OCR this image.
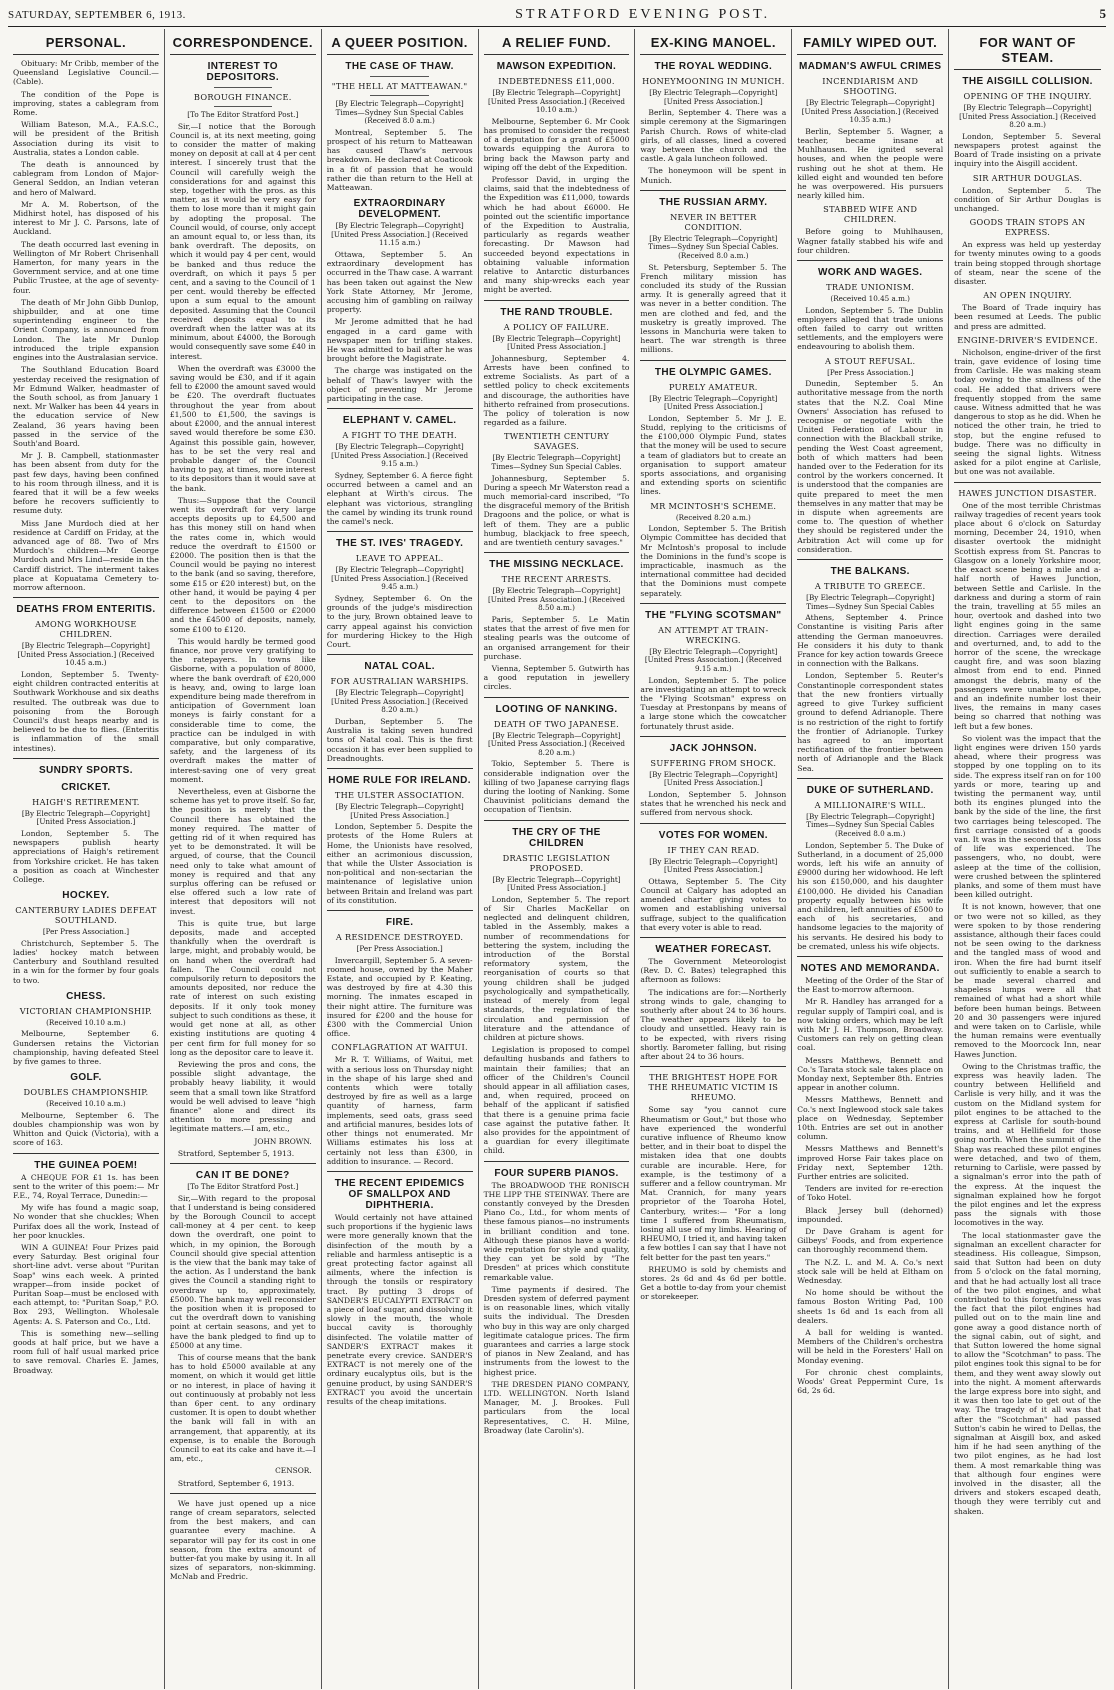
SATURDAY, SEPTEMBER 6, 1913.	STRATFORD EVENING POST.	5
PERSONAL.

Obituary: Mr Cribb, member of the Queensland Legislative Council.—(Cable).

The condition of the Pope is improving, states a cablegram from Rome.

William Bateson, M.A., F.A.S.C., will be president of the British Association during its visit to Australia, states a London cable.

The death is announced by cablegram from London of Major-General Seddon, an Indian veteran and hero of Malward.

Mr A. M. Robertson, of the Midhirst hotel, has disposed of his interest to Mr J. C. Parsons, late of Auckland.

The death occurred last evening in Wellington of Mr Robert Chrisenhall Hamerton, for many years in the Government service, and at one time Public Trustee, at the age of seventy-four.

The death of Mr John Gibb Dunlop, shipbuilder, and at one time superintending engineer to the Orient Company, is announced from London. The late Mr Dunlop introduced the triple expansion engines into the Australasian service.

The Southland Education Board yesterday received the resignation of Mr Edmund Walker, headmaster of the South school, as from January 1 next. Mr Walker has been 44 years in the education service of New Zealand, 36 years having been passed in the service of the South'and Board.

Mr J. B. Campbell, stationmaster has been absent from duty for the past few days, having been confined to his room through illness, and it is feared that it will be a few weeks before he recovers sufficiently to resume duty.

Miss Jane Murdoch died at her residence at Cardiff on Friday, at the advanced age of 88. Two of Mrs Murdoch's children—Mr George Murdoch and Mrs Lind—reside in the Cardiff district. The interment takes place at Kopuatama Cemetery to-morrow afternoon.

DEATHS FROM ENTERITIS.
AMONG WORKHOUSE CHILDREN.

[By Electric Telegraph—Copyright] [United Press Association.] (Received 10.45 a.m.)

London, September 5. Twenty-eight children contracted enteritis at Southwark Workhouse and six deaths resulted. The outbreak was due to poisoning from the Borough Council's dust heaps nearby and is believed to be due to flies. (Enteritis is inflammation of the small intestines).

SUNDRY SPORTS.
CRICKET.
HAIGH'S RETIREMENT.

[By Electric Telegraph—Copyright] [United Press Association.]

London, September 5. The newspapers publish hearty appreciations of Haigh's retirement from Yorkshire cricket. He has taken a position as coach at Winchester College.

HOCKEY.
CANTERBURY LADIES DEFEAT SOUTHLAND.

[Per Press Association.]

Christchurch, September 5. The ladies' hockey match between Canterbury and Southland resulted in a win for the former by four goals to two.

CHESS.
VICTORIAN CHAMPIONSHIP.

(Received 10.10 a.m.)

Melbourne, September 6. Gundersen retains the Victorian championship, having defeated Steel by five games to three.

GOLF.
DOUBLES CHAMPIONSHIP.

(Received 10.10 a.m.)

Melbourne, September 6. The doubles championship was won by Whitton and Quick (Victoria), with a score of 163.

THE GUINEA POEM!

A CHEQUE FOR £1 1s. has been sent to the writer of this poem:— Mr F.E., 74, Royal Terrace, Dunedin:—

My wife has found a magic soap, No wonder that she chuckles; When Purifax does all the work, Instead of her poor knuckles.

WIN A GUINEA! Four Prizes paid every Saturday. Best original four short-line advt. verse about "Puritan Soap" wins each week. A printed wrapper—from inside pocket of Puritan Soap—must be enclosed with each attempt, to: "Puritan Soap," P.O. Box 293, Wellington. Wholesale Agents: A. S. Paterson and Co., Ltd.

This is something new—selling goods at half price, but we have a room full of half usual marked price to save removal. Charles E. James, Broadway.

CORRESPONDENCE.
INTEREST TO DEPOSITORS.
BOROUGH FINANCE.

[To The Editor Stratford Post.]

Sir,—I notice that the Borough Council is, at its next meeting, going to consider the matter of making money on deposit at call at 4 per cent interest. I sincerely trust that the Council will carefully weigh the considerations for and against this step, together with the pros. as this matter, as it would be very easy for them to lose more than it might gain by adopting the proposal. The Council would, of course, only accept an amount equal to, or less than, its bank overdraft. The deposits, on which it would pay 4 per cent, would be banked and thus reduce the overdraft, on which it pays 5 per cent, and a saving to the Council of 1 per cent. would thereby be effected upon a sum equal to the amount deposited. Assuming that the Council received deposits equal to its overdraft when the latter was at its minimum, about £4000, the Borough would consequently save some £40 in interest.

When the overdraft was £3000 the saving would be £30, and if it again fell to £2000 the amount saved would be £20. The overdraft fluctuates throughout the year from about £1,500 to £1,500, the savings is about £2000, and the annual interest saved would therefore be some £30. Against this possible gain, however, has to be set the very real and probable danger of the Council having to pay, at times, more interest to its depositors than it would save at the bank.

Thus:—Suppose that the Council went its overdraft for very large accepts deposits up to £4,500 and has this money still on hand when the rates come in, which would reduce the overdraft to £1500 or £2000. The position then is that the Council would be paying no interest to the bank (and so saving, therefore, some £15 or £20 interest) but, on the other hand, it would be paying 4 per cent to the depositors on the difference between £1500 or £2000 and the £4500 of deposits, namely, some £100 to £120.

This would hardly be termed good finance, nor prove very gratifying to the ratepayers. In towns like Gisborne, with a population of 8000, where the bank overdraft of £20,000 is heavy, and, owing to large loan expenditure being made therefrom in anticipation of Government loan moneys is fairly constant for a considerable time to come, the practice can be indulged in with comparative, but only comparative, safety, and the largeness of its overdraft makes the matter of interest-saving one of very great moment.

Nevertheless, even at Gisborne the scheme has yet to prove itself. So far, the position is merely that the Council there has obtained the money required. The matter of getting rid of it when required has yet to be demonstrated. It will be argued, of course, that the Council need only to take what amount of money is required and that any surplus offering can be refused or else offered such a low rate of interest that depositors will not invest.

This is quite true, but large deposits, made and accepted thankfully when the overdraft is large, might, and probably would, be on hand when the overdraft had fallen. The Council could not compulsorily return to depositors the amounts deposited, nor reduce the rate of interest on such existing deposits. If it only took money subject to such conditions as these, it would get none at all, as other existing institutions are quoting 4 per cent firm for full money for so long as the depositor care to leave it.

Reviewing the pros and cons, the possible slight advantage, the probably heavy liability, it would seem that a small town like Stratford would be well advised to leave "high finance" alone and direct its attention to more pressing and legitimate matters.—I am, etc.,

JOHN BROWN.

Stratford, September 5, 1913.

CAN IT BE DONE?

[To The Editor Stratford Post.]

Sir,—With regard to the proposal that I understand is being considered by the Borough Council to accept call-money at 4 per cent. to keep down the overdraft, one point to which, in my opinion, the Borough Council should give special attention is the view that the bank may take of the action. As I understand the bank gives the Council a standing right to overdraw up to, approximately, £5000. The bank may well reconsider the position when it is proposed to cut the overdraft down to vanishing point at certain seasons, and yet to have the bank pledged to find up to £5000 at any time.

This of course means that the bank has to hold £5000 available at any moment, on which it would get little or no interest, in place of having it out continuously at probably not less than 6per cent. to any ordinary customer. It is open to doubt whether the bank will fall in with an arrangement, that apparently, at its expense, is to enable the Borough Council to eat its cake and have it.—I am, etc.,

CENSOR.

Stratford, September 6, 1913.

We have just opened up a nice range of cream separators, selected from the best makers, and can guarantee every machine. A separator will pay for its cost in one season, from the extra amount of butter-fat you make by using it. In all sizes of separators, non-skimming. McNab and Fredric.

A QUEER POSITION.
THE CASE OF THAW.
"THE HELL AT MATTEAWAN."

[By Electric Telegraph—Copyright] Times—Sydney Sun Special Cables (Received 8.0 a.m.)

Montreal, September 5. The prospect of his return to Matteawan has caused Thaw's nervous breakdown. He declared at Coaticook in a fit of passion that he would rather die than return to the Hell at Matteawan.

EXTRAORDINARY DEVELOPMENT.

[By Electric Telegraph—Copyright] [United Press Association.] (Received 11.15 a.m.)

Ottawa, September 5. An extraordinary development has occurred in the Thaw case. A warrant has been taken out against the New York State Attorney, Mr Jerome, accusing him of gambling on railway property.

Mr Jerome admitted that he had engaged in a card game with newspaper men for trifling stakes. He was admitted to bail after he was brought before the Magistrate.

The charge was instigated on the behalf of Thaw's lawyer with the object of preventing Mr Jerome participating in the case.

ELEPHANT V. CAMEL.
A FIGHT TO THE DEATH.

[By Electric Telegraph—Copyright] [United Press Association.] (Received 9.15 a.m.)

Sydney, September 6. A fierce fight occurred between a camel and an elephant at Wirth's circus. The elephant was victorious, strangling the camel by winding its trunk round the camel's neck.

THE ST. IVES' TRAGEDY.
LEAVE TO APPEAL.

[By Electric Telegraph—Copyright] [United Press Association.] (Received 9.45 a.m.)

Sydney, September 6. On the grounds of the judge's misdirection to the jury, Brown obtained leave to carry appeal against his conviction for murdering Hickey to the High Court.

NATAL COAL.
FOR AUSTRALIAN WARSHIPS.

[By Electric Telegraph—Copyright] [United Press Association.] (Received 8.20 a.m.)

Durban, September 5. The Australia is taking seven hundred tons of Natal coal. This is the first occasion it has ever been supplied to Dreadnoughts.

HOME RULE FOR IRELAND.
THE ULSTER ASSOCIATION.

[By Electric Telegraph—Copyright] [United Press Association.]

London, September 5. Despite the protests of the Home Rulers at Home, the Unionists have resolved, either an acrimonious discussion, that while the Ulster Association is non-political and non-sectarian the maintenance of legislative union between Britain and Ireland was part of its constitution.

FIRE.
A RESIDENCE DESTROYED.

[Per Press Association.]

Invercargill, September 5. A seven-roomed house, owned by the Maher Estate, and occupied by P. Keating, was destroyed by fire at 4.30 this morning. The inmates escaped in their night attire. The furniture was insured for £200 and the house for £300 with the Commercial Union office.

CONFLAGRATION AT WAITUI.

Mr R. T. Williams, of Waitui, met with a serious loss on Thursday night in the shape of his large shed and contents which were totally destroyed by fire as well as a large quantity of harness, farm implements, seed oats, grass seed and artificial manures, besides lots of other things not enumerated. Mr Williams estimates his loss at certainly not less than £300, in addition to insurance. — Record.

THE RECENT EPIDEMICS OF SMALLPOX AND DIPHTHERIA.

Would certainly not have attained such proportions if the hygienic laws were more generally known that the disinfection of the mouth by a reliable and harmless antiseptic is a great protecting factor against all ailments, where the infection is through the tonsils or respiratory tract. By putting 3 drops of SANDER'S EUCALYPTI EXTRACT on a piece of loaf sugar, and dissolving it slowly in the mouth, the whole buccal cavity is thoroughly disinfected. The volatile matter of SANDER'S EXTRACT makes it penetrate every crevice. SANDER'S EXTRACT is not merely one of the ordinary eucalyptus oils, but is the genuine product, by using SANDER'S EXTRACT you avoid the uncertain results of the cheap imitations.

A RELIEF FUND.
MAWSON EXPEDITION.
INDEBTEDNESS £11,000.

[By Electric Telegraph—Copyright] [United Press Association.] (Received 10.10 a.m.)

Melbourne, September 6. Mr Cook has promised to consider the request of a deputation for a grant of £5000 towards equipping the Aurora to bring back the Mawson party and wiping off the debt of the Expedition.

Professor David, in urging the claims, said that the indebtedness of the Expedition was £11,000, towards which he had about £6000. He pointed out the scientific importance of the Expedition to Australia, particularly as regards weather forecasting. Dr Mawson had succeeded beyond expectations in obtaining valuable information relative to Antarctic disturbances and many ship-wrecks each year might be averted.

THE RAND TROUBLE.
A POLICY OF FAILURE.

[By Electric Telegraph—Copyright] [United Press Association.]

Johannesburg, September 4. Arrests have been confined to extreme Socialists. As part of a settled policy to check excitements and discourage, the authorities have hitherto refrained from prosecutions. The policy of toleration is now regarded as a failure.

TWENTIETH CENTURY SAVAGES.

[By Electric Telegraph—Copyright] Times—Sydney Sun Special Cables.

Johannesburg, September 5. During a speech Mr Waterston read a much memorial-card inscribed, "To the disgraceful memory of the British Dragoons and the police, or what is left of them. They are a public humbug, blackjack to free speech, and are twentieth century savages."

THE MISSING NECKLACE.
THE RECENT ARRESTS.

[By Electric Telegraph—Copyright] [United Press Association.] (Received 8.50 a.m.)

Paris, September 5. Le Matin states that the arrest of five men for stealing pearls was the outcome of an organised arrangement for their purchase.

Vienna, September 5. Gutwirth has a good reputation in jewellery circles.

LOOTING OF NANKING.
DEATH OF TWO JAPANESE.

[By Electric Telegraph—Copyright] [United Press Association.] (Received 8.20 a.m.)

Tokio, September 5. There is considerable indignation over the killing of two Japanese carrying flags during the looting of Nanking. Some Chauvinist politicians demand the occupation of Tientsin.

THE CRY OF THE CHILDREN
DRASTIC LEGISLATION PROPOSED.

[By Electric Telegraph—Copyright] [United Press Association.]

London, September 5. The report of Sir Charles MacKellar on neglected and delinquent children, tabled in the Assembly, makes a number of recommendations for bettering the system, including the introduction of the Borstal reformatory system, the reorganisation of courts so that young children shall be judged psychologically and sympathetically, instead of merely from legal standards, the regulation of the circulation and permission of literature and the attendance of children at picture shows.

Legislation is proposed to compel defaulting husbands and fathers to maintain their families; that an officer of the Children's Council should appear in all affiliation cases, and, when required, proceed on behalf of the applicant if satisfied that there is a genuine prima facie case against the putative father. It also provides for the appointment of a guardian for every illegitimate child.

FOUR SUPERB PIANOS.

The BROADWOOD THE RONISCH THE LIPP THE STEINWAY. There are constantly conveyed by the Dresden Piano Co., Ltd., for whom ments of these famous pianos—no instruments in brilliant condition and tone. Although these pianos have a world-wide reputation for style and quality, they can yet be sold by "The Dresden" at prices which constitute remarkable value.

Time payments if desired. The Dresden system of deferred payment is on reasonable lines, which vitally suits the individual. The Dresden who buy in this way are only charged legitimate catalogue prices. The firm guarantees and carries a large stock of pianos in New Zealand, and has instruments from the lowest to the highest price.

THE DRESDEN PIANO COMPANY, LTD. WELLINGTON. North Island Manager, M. J. Brookes. Full particulars from the local Representatives, C. H. Milne, Broadway (late Carolin's).

EX-KING MANOEL.
THE ROYAL WEDDING.
HONEYMOONING IN MUNICH.

[By Electric Telegraph—Copyright] [United Press Association.]

Berlin, September 4. There was a simple ceremony at the Sigmaringen Parish Church. Rows of white-clad girls, of all classes, lined a covered way between the church and the castle. A gala luncheon followed.

The honeymoon will be spent in Munich.

THE RUSSIAN ARMY.
NEVER IN BETTER CONDITION.

[By Electric Telegraph—Copyright] Times—Sydney Sun Special Cables. (Received 8.0 a.m.)

St. Petersburg, September 5. The French military mission has concluded its study of the Russian army. It is generally agreed that it was never in a better condition. The men are clothed and fed, and the musketry is greatly improved. The lessons in Manchuria were taken to heart. The war strength is three millions.

THE OLYMPIC GAMES.
PURELY AMATEUR.

[By Electric Telegraph—Copyright] [United Press Association.]

London, September 5. Mr J. E. Studd, replying to the criticisms of the £100,000 Olympic Fund, states that the money will be used to secure a team of gladiators but to create an organisation to support amateur sports associations, and organising and extending sports on scientific lines.

MR MCINTOSH'S SCHEME.

(Received 8.20 a.m.)

London, September 5. The British Olympic Committee has decided that Mr McIntosh's proposal to include the Dominions in the fund's scope is impracticable, inasmuch as the international committee had decided that the Dominions must compete separately.

THE "FLYING SCOTSMAN"
AN ATTEMPT AT TRAIN-WRECKING.

[By Electric Telegraph—Copyright] [United Press Association.] (Received 9.15 a.m.)

London, September 5. The police are investigating an attempt to wreck the "Flying Scotsman" express on Tuesday at Prestonpans by means of a large stone which the cowcatcher fortunately thrust aside.

JACK JOHNSON.
SUFFERING FROM SHOCK.

[By Electric Telegraph—Copyright] [United Press Association.]

London, September 5. Johnson states that he wrenched his neck and suffered from nervous shock.

VOTES FOR WOMEN.
IF THEY CAN READ.

[By Electric Telegraph—Copyright] [United Press Association.]

Ottawa, September 5. The City Council at Calgary has adopted an amended charter giving votes to women and establishing universal suffrage, subject to the qualification that every voter is able to read.

WEATHER FORECAST.

The Government Meteorologist (Rev. D. C. Bates) telegraphed this afternoon as follows:

The indications are for:—Northerly strong winds to gale, changing to southerly after about 24 to 36 hours. The weather appears likely to be cloudy and unsettled. Heavy rain is to be expected, with rivers rising shortly. Barometer falling, but rising after about 24 to 36 hours.

THE BRIGHTEST HOPE FOR THE RHEUMATIC VICTIM IS RHEUMO.

Some say "you cannot cure Rheumatism or Gout," but those who have experienced the wonderful curative influence of Rheumo know better, and in their boat to dispel the mistaken idea that one doubts curable are incurable. Here, for example, is the testimony of a sufferer and a fellow countryman. Mr Mat. Crannich, for many years proprietor of the Toaroha Hotel, Canterbury, writes:— "For a long time I suffered from Rheumatism, losing all use of my limbs. Hearing of RHEUMO, I tried it, and having taken a few bottles I can say that I have not felt better for the past ten years."

RHEUMO is sold by chemists and stores. 2s 6d and 4s 6d per bottle. Get a bottle to-day from your chemist or storekeeper.

FAMILY WIPED OUT.
MADMAN'S AWFUL CRIMES
INCENDIARISM AND SHOOTING.

[By Electric Telegraph—Copyright] [United Press Association.] (Received 10.35 a.m.)

Berlin, September 5. Wagner, a teacher, became insane at Muhlhausen. He ignited several houses, and when the people were rushing out he shot at them. He killed eight and wounded ten before he was overpowered. His pursuers nearly killed him.

STABBED WIFE AND CHILDREN.

Before going to Muhlhausen, Wagner fatally stabbed his wife and four children.

WORK AND WAGES.
TRADE UNIONISM.

(Received 10.45 a.m.)

London, September 5. The Dublin employers alleged that trade unions often failed to carry out written settlements, and the employers were endeavouring to abolish them.

A STOUT REFUSAL.

[Per Press Association.]

Dunedin, September 5. An authoritative message from the north states that the N.Z. Coal Mine Owners' Association has refused to recognise or negotiate with the United Federation of Labour in connection with the Blackball strike, pending the West Coast agreement, both of which matters had been handed over to the Federation for its control by the workers concerned. It is understood that the companies are quite prepared to meet the men themselves in any matter that may be in dispute when agreements are come to. The question of whether they should be registered under the Arbitration Act will come up for consideration.

THE BALKANS.
A TRIBUTE TO GREECE.

[By Electric Telegraph—Copyright] Times—Sydney Sun Special Cables

Athens, September 4. Prince Constantine is visiting Paris after attending the German manoeuvres. He considers it his duty to thank France for key action towards Greece in connection with the Balkans.

London, September 5. Reuter's Constantinople correspondent states that the new frontiers virtually agreed to give Turkey sufficient ground to defend Adrianople. There is no restriction of the right to fortify the frontier of Adrianople. Turkey has agreed to an important rectification of the frontier between north of Adrianople and the Black Sea.

DUKE OF SUTHERLAND.
A MILLIONAIRE'S WILL.

[By Electric Telegraph—Copyright] Times—Sydney Sun Special Cables (Received 8.0 a.m.)

London, September 5. The Duke of Sutherland, in a document of 25,000 words, left his wife an annuity of £9000 during her widowhood. He left his son £150,000, and his daughter £100,000. He divided his Canadian property equally between his wife and children, left annuities of £500 to each of his secretaries, and handsome legacies to the majority of his servants. He desired his body to be cremated, unless his wife objects.

NOTES AND MEMORANDA.

Meeting of the Order of the Star of the East to-morrow afternoon.

Mr R. Handley has arranged for a regular supply of Tampiri coal, and is now taking orders, which may be left with Mr J. H. Thompson, Broadway. Customers can rely on getting clean coal.

Messrs Matthews, Bennett and Co.'s Tarata stock sale takes place on Monday next, September 8th. Entries appear in another column.

Messrs Matthews, Bennett and Co.'s next Inglewood stock sale takes place on Wednesday, September 10th. Entries are set out in another column.

Messrs Matthews and Bennett's improved Horse Fair takes place on Friday next, September 12th. Further entries are solicited.

Tenders are invited for re-erection of Toko Hotel.

Black Jersey bull (dehorned) impounded.

Dr Dave Graham is agent for Gilbeys' Foods, and from experience can thoroughly recommend them.

The N.Z. L. and M. A. Co.'s next stock sale will be held at Eltham on Wednesday.

No home should be without the famous Boston Writing Pad, 100 sheets 1s 6d and 1s each from all dealers.

A ball for welding is wanted. Members of the Children's orchestra will be held in the Foresters' Hall on Monday evening.

For chronic chest complaints, Woods' Great Peppermint Cure, 1s 6d, 2s 6d.

FOR WANT OF STEAM.
THE AISGILL COLLISION.
OPENING OF THE INQUIRY.

[By Electric Telegraph—Copyright] [United Press Association.] (Received 8.20 a.m.)

London, September 5. Several newspapers protest against the Board of Trade insisting on a private inquiry into the Aisgill accident.

SIR ARTHUR DOUGLAS.

London, September 5. The condition of Sir Arthur Douglas is unchanged.

GOODS TRAIN STOPS AN EXPRESS.

An express was held up yesterday for twenty minutes owing to a goods train being stopped through shortage of steam, near the scene of the disaster.

AN OPEN INQUIRY.

The Board of Trade inquiry has been resumed at Leeds. The public and press are admitted.

ENGINE-DRIVER'S EVIDENCE.

Nicholson, engine-driver of the first train, gave evidence of losing time from Carlisle. He was making steam today owing to the smallness of the coal. He added that drivers were frequently stopped from the same cause. Witness admitted that he was dangerous to stop as he did. When he noticed the other train, he tried to stop, but the engine refused to budge. There was no difficulty in seeing the signal lights. Witness asked for a pilot engine at Carlisle, but one was not available.

HAWES JUNCTION DISASTER.

One of the most terrible Christmas railway tragedies of recent years took place about 6 o'clock on Saturday morning, December 24, 1910, when disaster overtook the midnight Scottish express from St. Pancras to Glasgow on a lonely Yorkshire moor, the exact scene being a mile and a-half north of Hawes Junction, between Settle and Carlisle. In the darkness and during a storm of rain the train, travelling at 55 miles an hour, overtook and dashed into two light engines going in the same direction. Carriages were derailed and overturned, and, to add to the horror of the scene, the wreckage caught fire, and was soon blazing almost from end to end. Pinned amongst the debris, many of the passengers were unable to escape, and an indefinite number lost their lives, the remains in many cases being so charred that nothing was left but a few bones.

So violent was the impact that the light engines were driven 150 yards ahead, where their progress was stopped by one toppling on to its side. The express itself ran on for 100 yards or more, tearing up and twisting the permanent way, until both its engines plunged into the bank by the side of the line, the first two carriages being telescoped. The first carriage consisted of a goods van. It was in the second that the loss of life was experienced. The passengers, who, no doubt, were asleep at the time of the collision, were crushed between the splintered planks, and some of them must have been killed outright.

It is not known, however, that one or two were not so killed, as they were spoken to by those rendering assistance, although their faces could not be seen owing to the darkness and the tangled mass of wood and iron. When the fire had burnt itself out sufficiently to enable a search to be made several charred and shapeless lumps were all that remained of what had a short while before been human beings. Between 20 and 30 passengers were injured and were taken on to Carlisle, while the human remains were eventually removed to the Moorcock Inn, near Hawes Junction.

Owing to the Christmas traffic, the express was heavily laden. The country between Hellifield and Carlisle is very hilly, and it was the custom on the Midland system for pilot engines to be attached to the express at Carlisle for south-bound trains, and at Hellifield for those going north. When the summit of the Shap was reached these pilot engines were detached, and two of them, returning to Carlisle, were passed by a signalman's error into the path of the express. At the inquest the signalman explained how he forgot the pilot engines and let the express pass the signals with those locomotives in the way.

The local stationmaster gave the signalman an excellent character for steadiness. His colleague, Simpson, said that Sutton had been on duty from 5 o'clock on the fatal morning, and that he had actually lost all trace of the two pilot engines, and what contributed to this forgetfulness was the fact that the pilot engines had pulled out on to the main line and gone away a good distance north of the signal cabin, out of sight, and that Sutton lowered the home signal to allow the "Scotchman" to pass. The pilot engines took this signal to be for them, and they went away slowly out into the night. A moment afterwards the large express bore into sight, and it was then too late to get out of the way. The tragedy of it all was that after the "Scotchman" had passed Sutton's cabin he wired to Dellas, the signalman at Aisgill box, and asked him if he had seen anything of the two pilot engines, as he had lost them. A most remarkable thing was that although four engines were involved in the disaster, all the drivers and stokers escaped death, though they were terribly cut and shaken.
